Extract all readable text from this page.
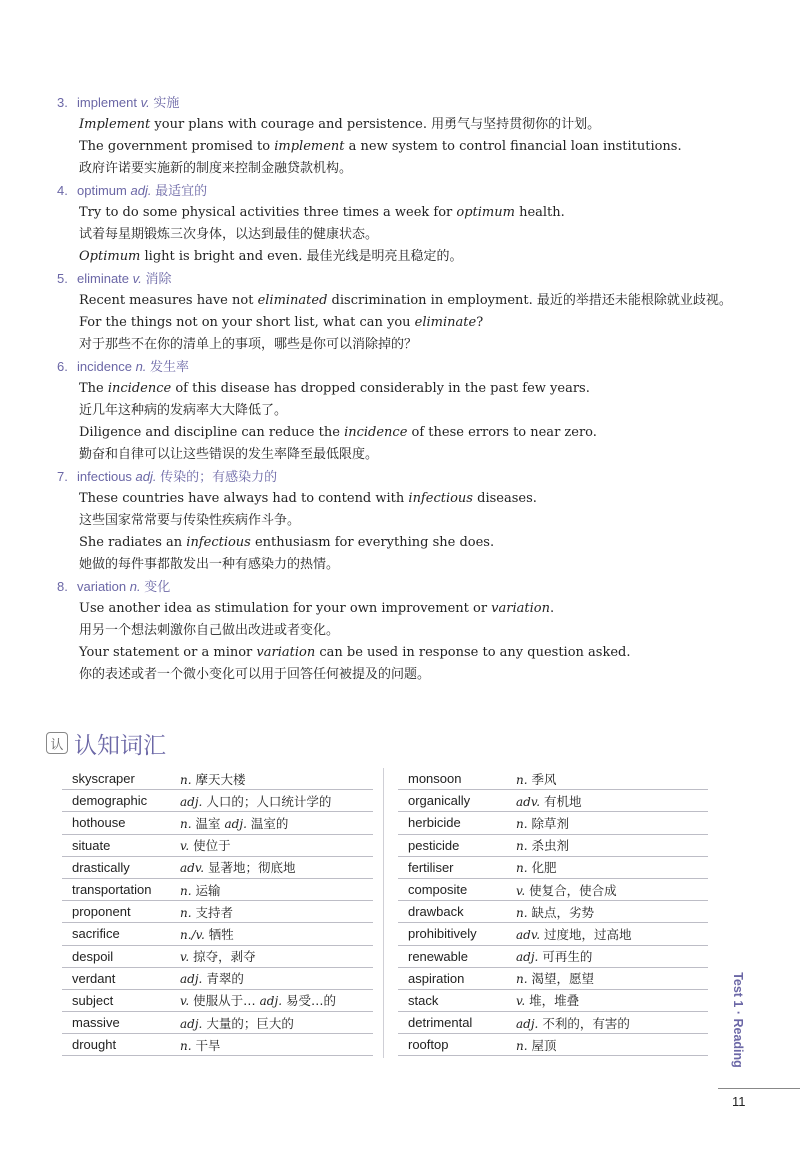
3. implement v. 实施
Implement your plans with courage and persistence. 用勇气与坚持贯彻你的计划。
The government promised to implement a new system to control financial loan institutions.
政府许诺要实施新的制度来控制金融贷款机构。
4. optimum adj. 最适宜的
Try to do some physical activities three times a week for optimum health.
试着每星期锻炼三次身体，以达到最佳的健康状态。
Optimum light is bright and even. 最佳光线是明亮且稳定的。
5. eliminate v. 消除
Recent measures have not eliminated discrimination in employment. 最近的举措还未能根除就业歧视。
For the things not on your short list, what can you eliminate?
对于那些不在你的清单上的事项，哪些是你可以消除掉的？
6. incidence n. 发生率
The incidence of this disease has dropped considerably in the past few years.
近几年这种病的发病率大大降低了。
Diligence and discipline can reduce the incidence of these errors to near zero.
勤奋和自律可以让这些错误的发生率降至最低限度。
7. infectious adj. 传染的；有感染力的
These countries have always had to contend with infectious diseases.
这些国家常常要与传染性疾病作斗争。
She radiates an infectious enthusiasm for everything she does.
她做的每件事都散发出一种有感染力的热情。
8. variation n. 变化
Use another idea as stimulation for your own improvement or variation.
用另一个想法刺激你自己做出改进或者变化。
Your statement or a minor variation can be used in response to any question asked.
你的表述或者一个微小变化可以用于回答任何被提及的问题。
认 认知词汇
skyscraper	n. 摩天大楼
demographic	adj. 人口的；人口统计学的
hothouse	n. 温室 adj. 温室的
situate	v. 使位于
drastically	adv. 显著地；彻底地
transportation	n. 运输
proponent	n. 支持者
sacrifice	n./v. 牺牲
despoil	v. 掠夺，剥夺
verdant	adj. 青翠的
subject	v. 使服从于… adj. 易受…的
massive	adj. 大量的；巨大的
drought	n. 干旱
monsoon	n. 季风
organically	adv. 有机地
herbicide	n. 除草剂
pesticide	n. 杀虫剂
fertiliser	n. 化肥
composite	v. 使复合，使合成
drawback	n. 缺点，劣势
prohibitively	adv. 过度地，过高地
renewable	adj. 可再生的
aspiration	n. 渴望，愿望
stack	v. 堆，堆叠
detrimental	adj. 不利的，有害的
rooftop	n. 屋顶	Test 1 · Reading
11
